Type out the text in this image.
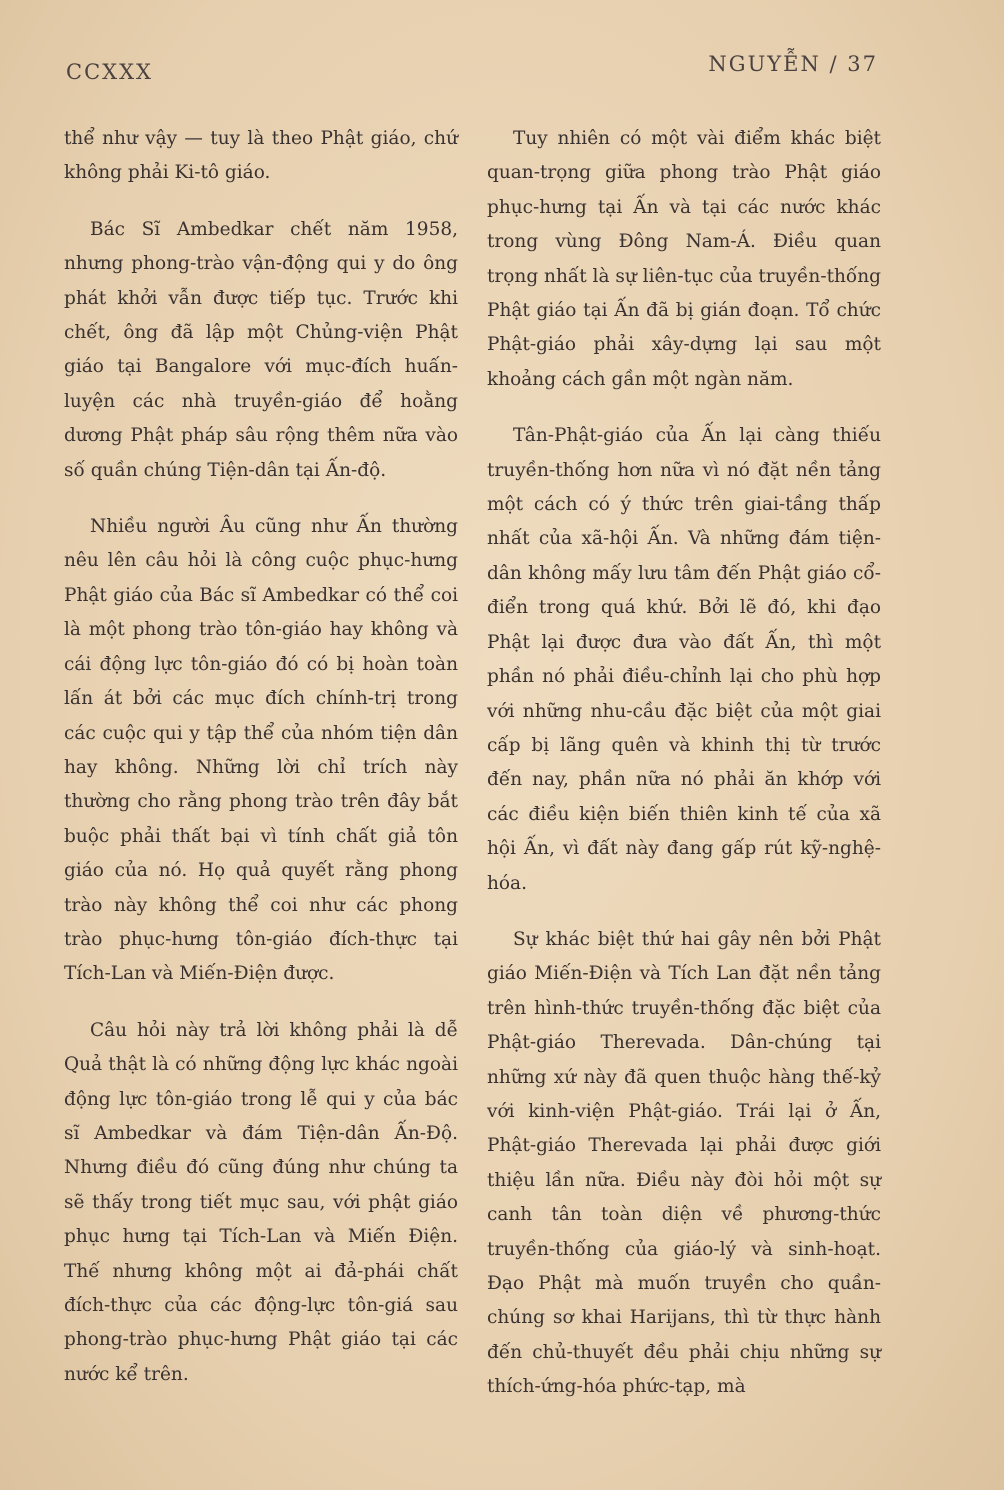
CCXXX	NGUYỄN / 37

thể như vậy — tuy là theo Phật giáo, chứ không phải Ki-tô giáo.

Bác Sĩ Ambedkar chết năm 1958, nhưng phong-trào vận-động qui y do ông phát khởi vẫn được tiếp tục. Trước khi chết, ông đã lập một Chủng-viện Phật giáo tại Bangalore với mục-đích huấn-luyện các nhà truyền-giáo để hoằng dương Phật pháp sâu rộng thêm nữa vào số quần chúng Tiện-dân tại Ấn-độ.

Nhiều người Âu cũng như Ấn thường nêu lên câu hỏi là công cuộc phục-hưng Phật giáo của Bác sĩ Ambedkar có thể coi là một phong trào tôn-giáo hay không và cái động lực tôn-giáo đó có bị hoàn toàn lấn át bởi các mục đích chính-trị trong các cuộc qui y tập thể của nhóm tiện dân hay không. Những lời chỉ trích này thường cho rằng phong trào trên đây bắt buộc phải thất bại vì tính chất giả tôn giáo của nó. Họ quả quyết rằng phong trào này không thể coi như các phong trào phục-hưng tôn-giáo đích-thực tại Tích-Lan và Miến-Điện được.

Câu hỏi này trả lời không phải là dễ Quả thật là có những động lực khác ngoài động lực tôn-giáo trong lễ qui y của bác sĩ Ambedkar và đám Tiện-dân Ấn-Độ. Nhưng điều đó cũng đúng như chúng ta sẽ thấy trong tiết mục sau, với phật giáo phục hưng tại Tích-Lan và Miến Điện. Thế nhưng không một ai đả-phái chất đích-thực của các động-lực tôn-giá sau phong-trào phục-hưng Phật giáo tại các nước kể trên.

Tuy nhiên có một vài điểm khác biệt quan-trọng giữa phong trào Phật giáo phục-hưng tại Ấn và tại các nước khác trong vùng Đông Nam-Á. Điều quan trọng nhất là sự liên-tục của truyền-thống Phật giáo tại Ấn đã bị gián đoạn. Tổ chức Phật-giáo phải xây-dựng lại sau một khoảng cách gần một ngàn năm.

Tân-Phật-giáo của Ấn lại càng thiếu truyền-thống hơn nữa vì nó đặt nền tảng một cách có ý thức trên giai-tầng thấp nhất của xã-hội Ấn. Và những đám tiện-dân không mấy lưu tâm đến Phật giáo cổ-điển trong quá khứ. Bởi lẽ đó, khi đạo Phật lại được đưa vào đất Ấn, thì một phần nó phải điều-chỉnh lại cho phù hợp với những nhu-cầu đặc biệt của một giai cấp bị lãng quên và khinh thị từ trước đến nay, phần nữa nó phải ăn khớp với các điều kiện biến thiên kinh tế của xã hội Ấn, vì đất này đang gấp rút kỹ-nghệ-hóa.

Sự khác biệt thứ hai gây nên bởi Phật giáo Miến-Điện và Tích Lan đặt nền tảng trên hình-thức truyền-thống đặc biệt của Phật-giáo Therevada. Dân-chúng tại những xứ này đã quen thuộc hàng thế-kỷ với kinh-viện Phật-giáo. Trái lại ở Ấn, Phật-giáo Therevada lại phải được giới thiệu lần nữa. Điều này đòi hỏi một sự canh tân toàn diện về phương-thức truyền-thống của giáo-lý và sinh-hoạt. Đạo Phật mà muốn truyền cho quần-chúng sơ khai Harijans, thì từ thực hành đến chủ-thuyết đều phải chịu những sự thích-ứng-hóa phức-tạp, mà
